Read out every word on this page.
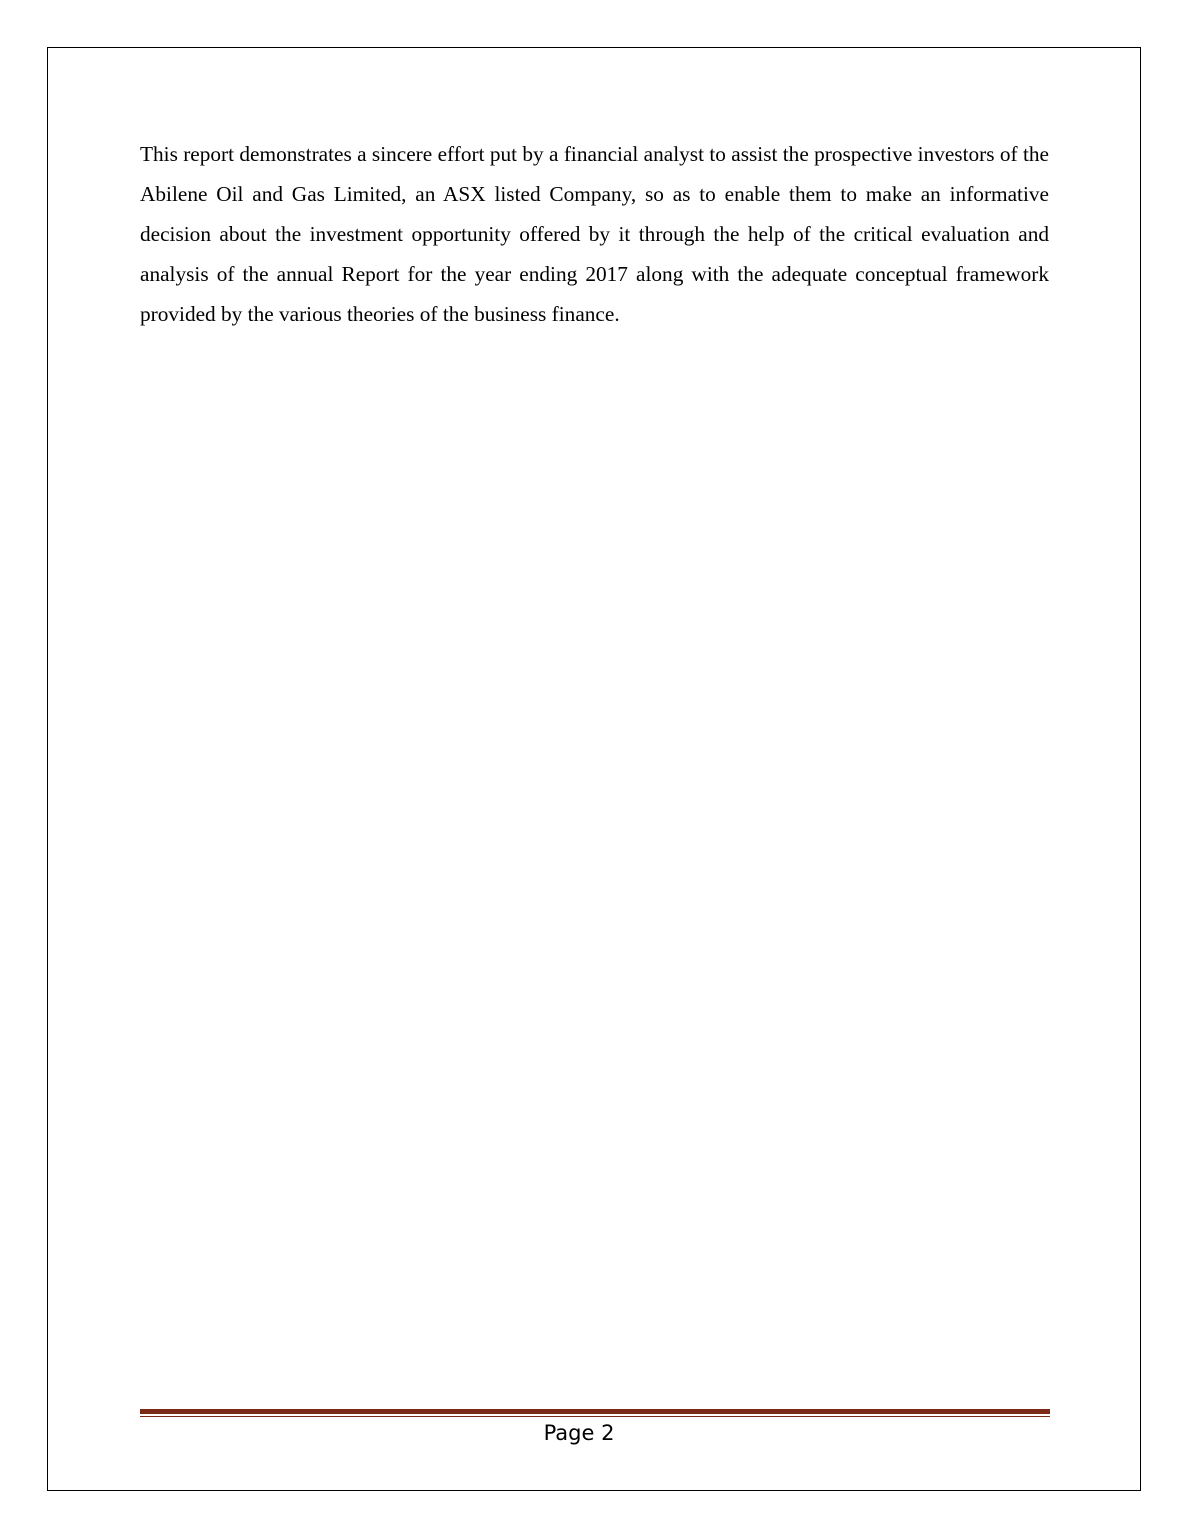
This report demonstrates a sincere effort put by a financial analyst to assist the prospective investors of the Abilene Oil and Gas Limited, an ASX listed Company, so as to enable them to make an informative decision about the investment opportunity offered by it through the help of the critical evaluation and analysis of the annual Report for the year ending 2017 along with the adequate conceptual framework provided by the various theories of the business finance.

Page 2
